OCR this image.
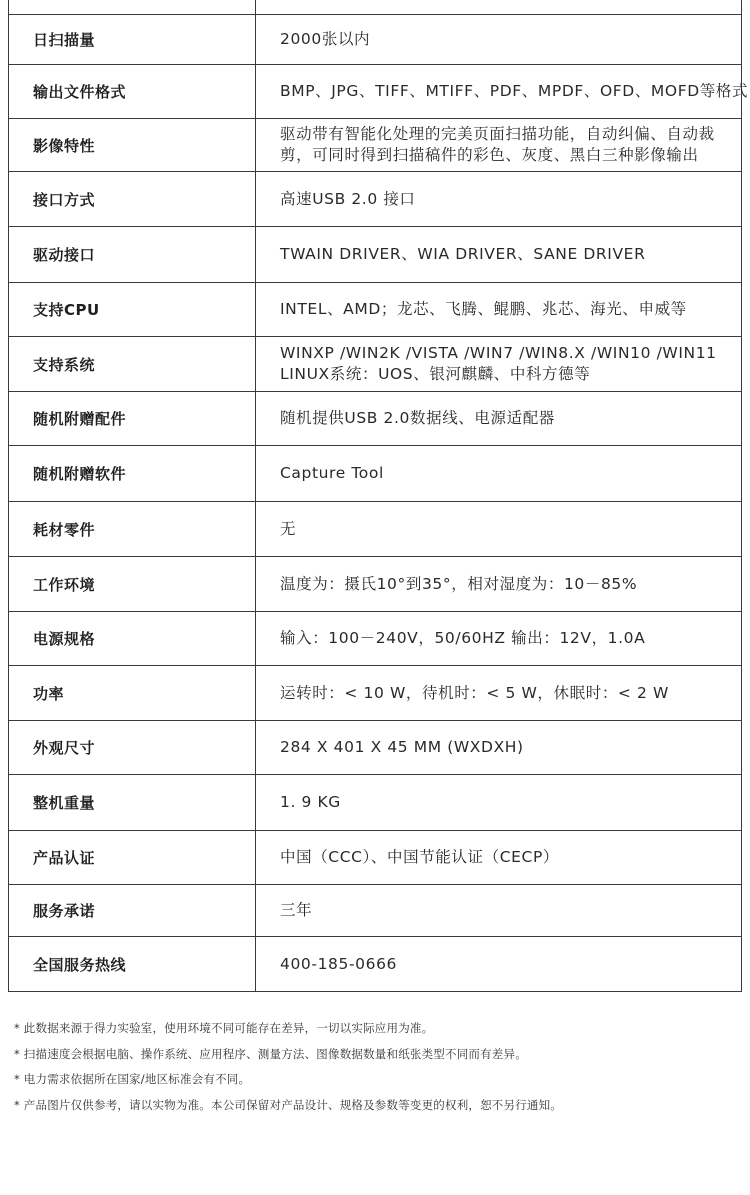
日扫描量	2000张以内

输出文件格式	BMP、JPG、TIFF、MTIFF、PDF、MPDF、OFD、MOFD等格式

影像特性	驱动带有智能化处理的完美页面扫描功能，自动纠偏、自动裁
剪，可同时得到扫描稿件的彩色、灰度、黑白三种影像输出

接口方式	高速USB 2.0 接口

驱动接口	TWAIN DRIVER、WIA DRIVER、SANE DRIVER

支持CPU	INTEL、AMD；龙芯、飞腾、鲲鹏、兆芯、海光、申威等

支持系统	WINXP /WIN2K /VISTA /WIN7 /WIN8.X /WIN10 /WIN11
LINUX系统：UOS、银河麒麟、中科方德等

随机附赠配件	随机提供USB 2.0数据线、电源适配器

随机附赠软件	Capture Tool

耗材零件	无

工作环境	温度为：摄氏10°到35°，相对湿度为：10－85%

电源规格	输入：100－240V，50/60HZ 输出：12V，1.0A

功率	运转时：< 10 W，待机时：< 5 W，休眠时：< 2 W

外观尺寸	284 X 401 X 45 MM (WXDXH)

整机重量	1. 9 KG

产品认证	中国（CCC）、中国节能认证（CECP）

服务承诺	三年

全国服务热线	400-185-0666
* 此数据来源于得力实验室，使用环境不同可能存在差异，一切以实际应用为准。
* 扫描速度会根据电脑、操作系统、应用程序、测量方法、图像数据数量和纸张类型不同而有差异。
* 电力需求依据所在国家/地区标准会有不同。
* 产品图片仅供参考，请以实物为准。本公司保留对产品设计、规格及参数等变更的权利，恕不另行通知。
